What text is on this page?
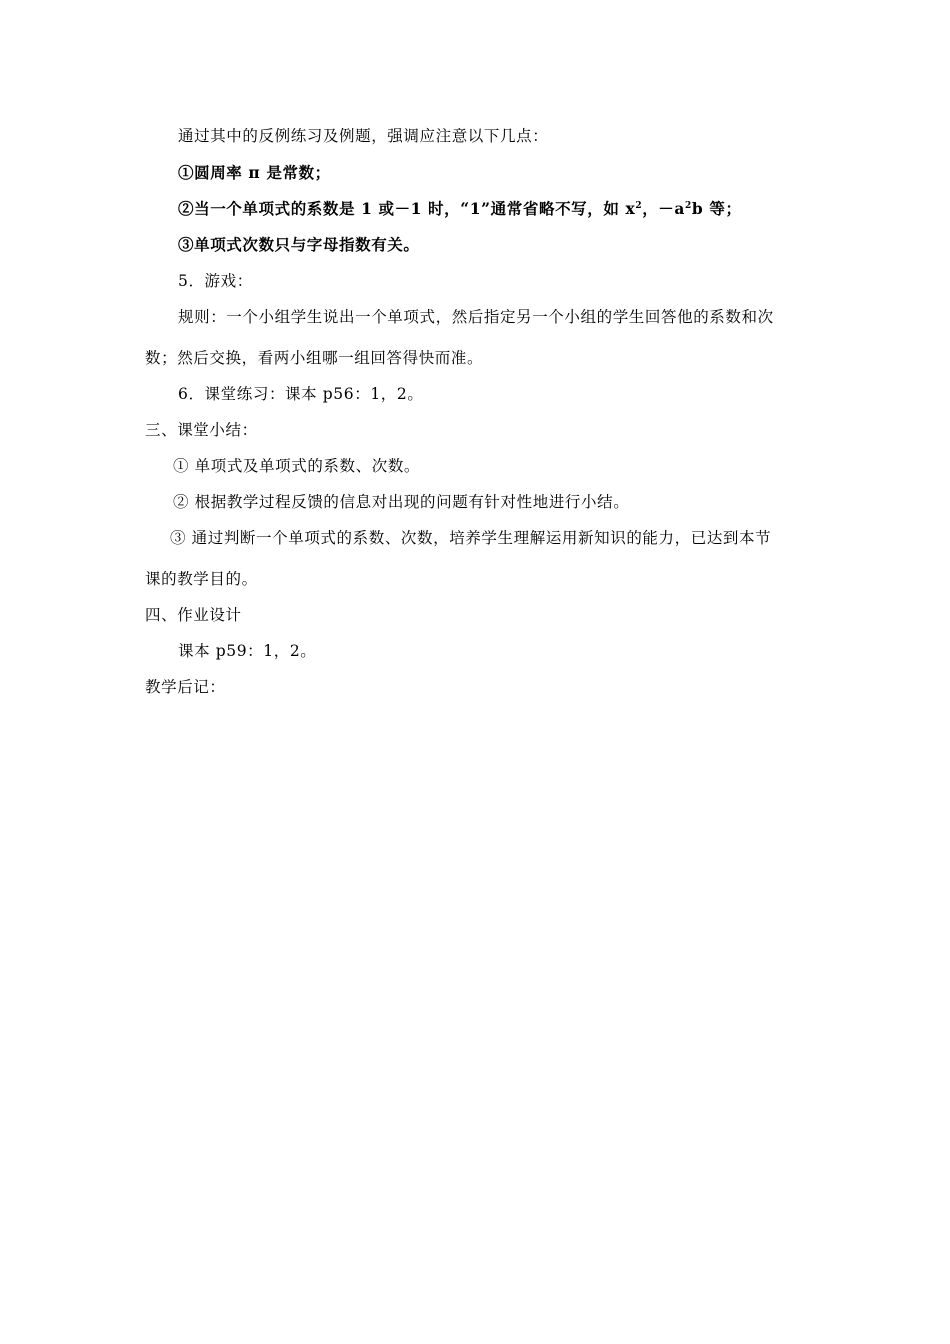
通过其中的反例练习及例题，强调应注意以下几点：
①圆周率 π 是常数；
②当一个单项式的系数是 1 或－1 时，“1”通常省略不写，如 $x^2$，$-a^2b$ 等；
③单项式次数只与字母指数有关。
5．游戏：
规则：一个小组学生说出一个单项式，然后指定另一个小组的学生回答他的系数和次
数；然后交换，看两小组哪一组回答得快而准。
6．课堂练习：课本 p56：1，2。
三、课堂小结：
① 单项式及单项式的系数、次数。
② 根据教学过程反馈的信息对出现的问题有针对性地进行小结。
③ 通过判断一个单项式的系数、次数，培养学生理解运用新知识的能力，已达到本节
课的教学目的。
四、作业设计
课本 p59：1，2。
教学后记：
